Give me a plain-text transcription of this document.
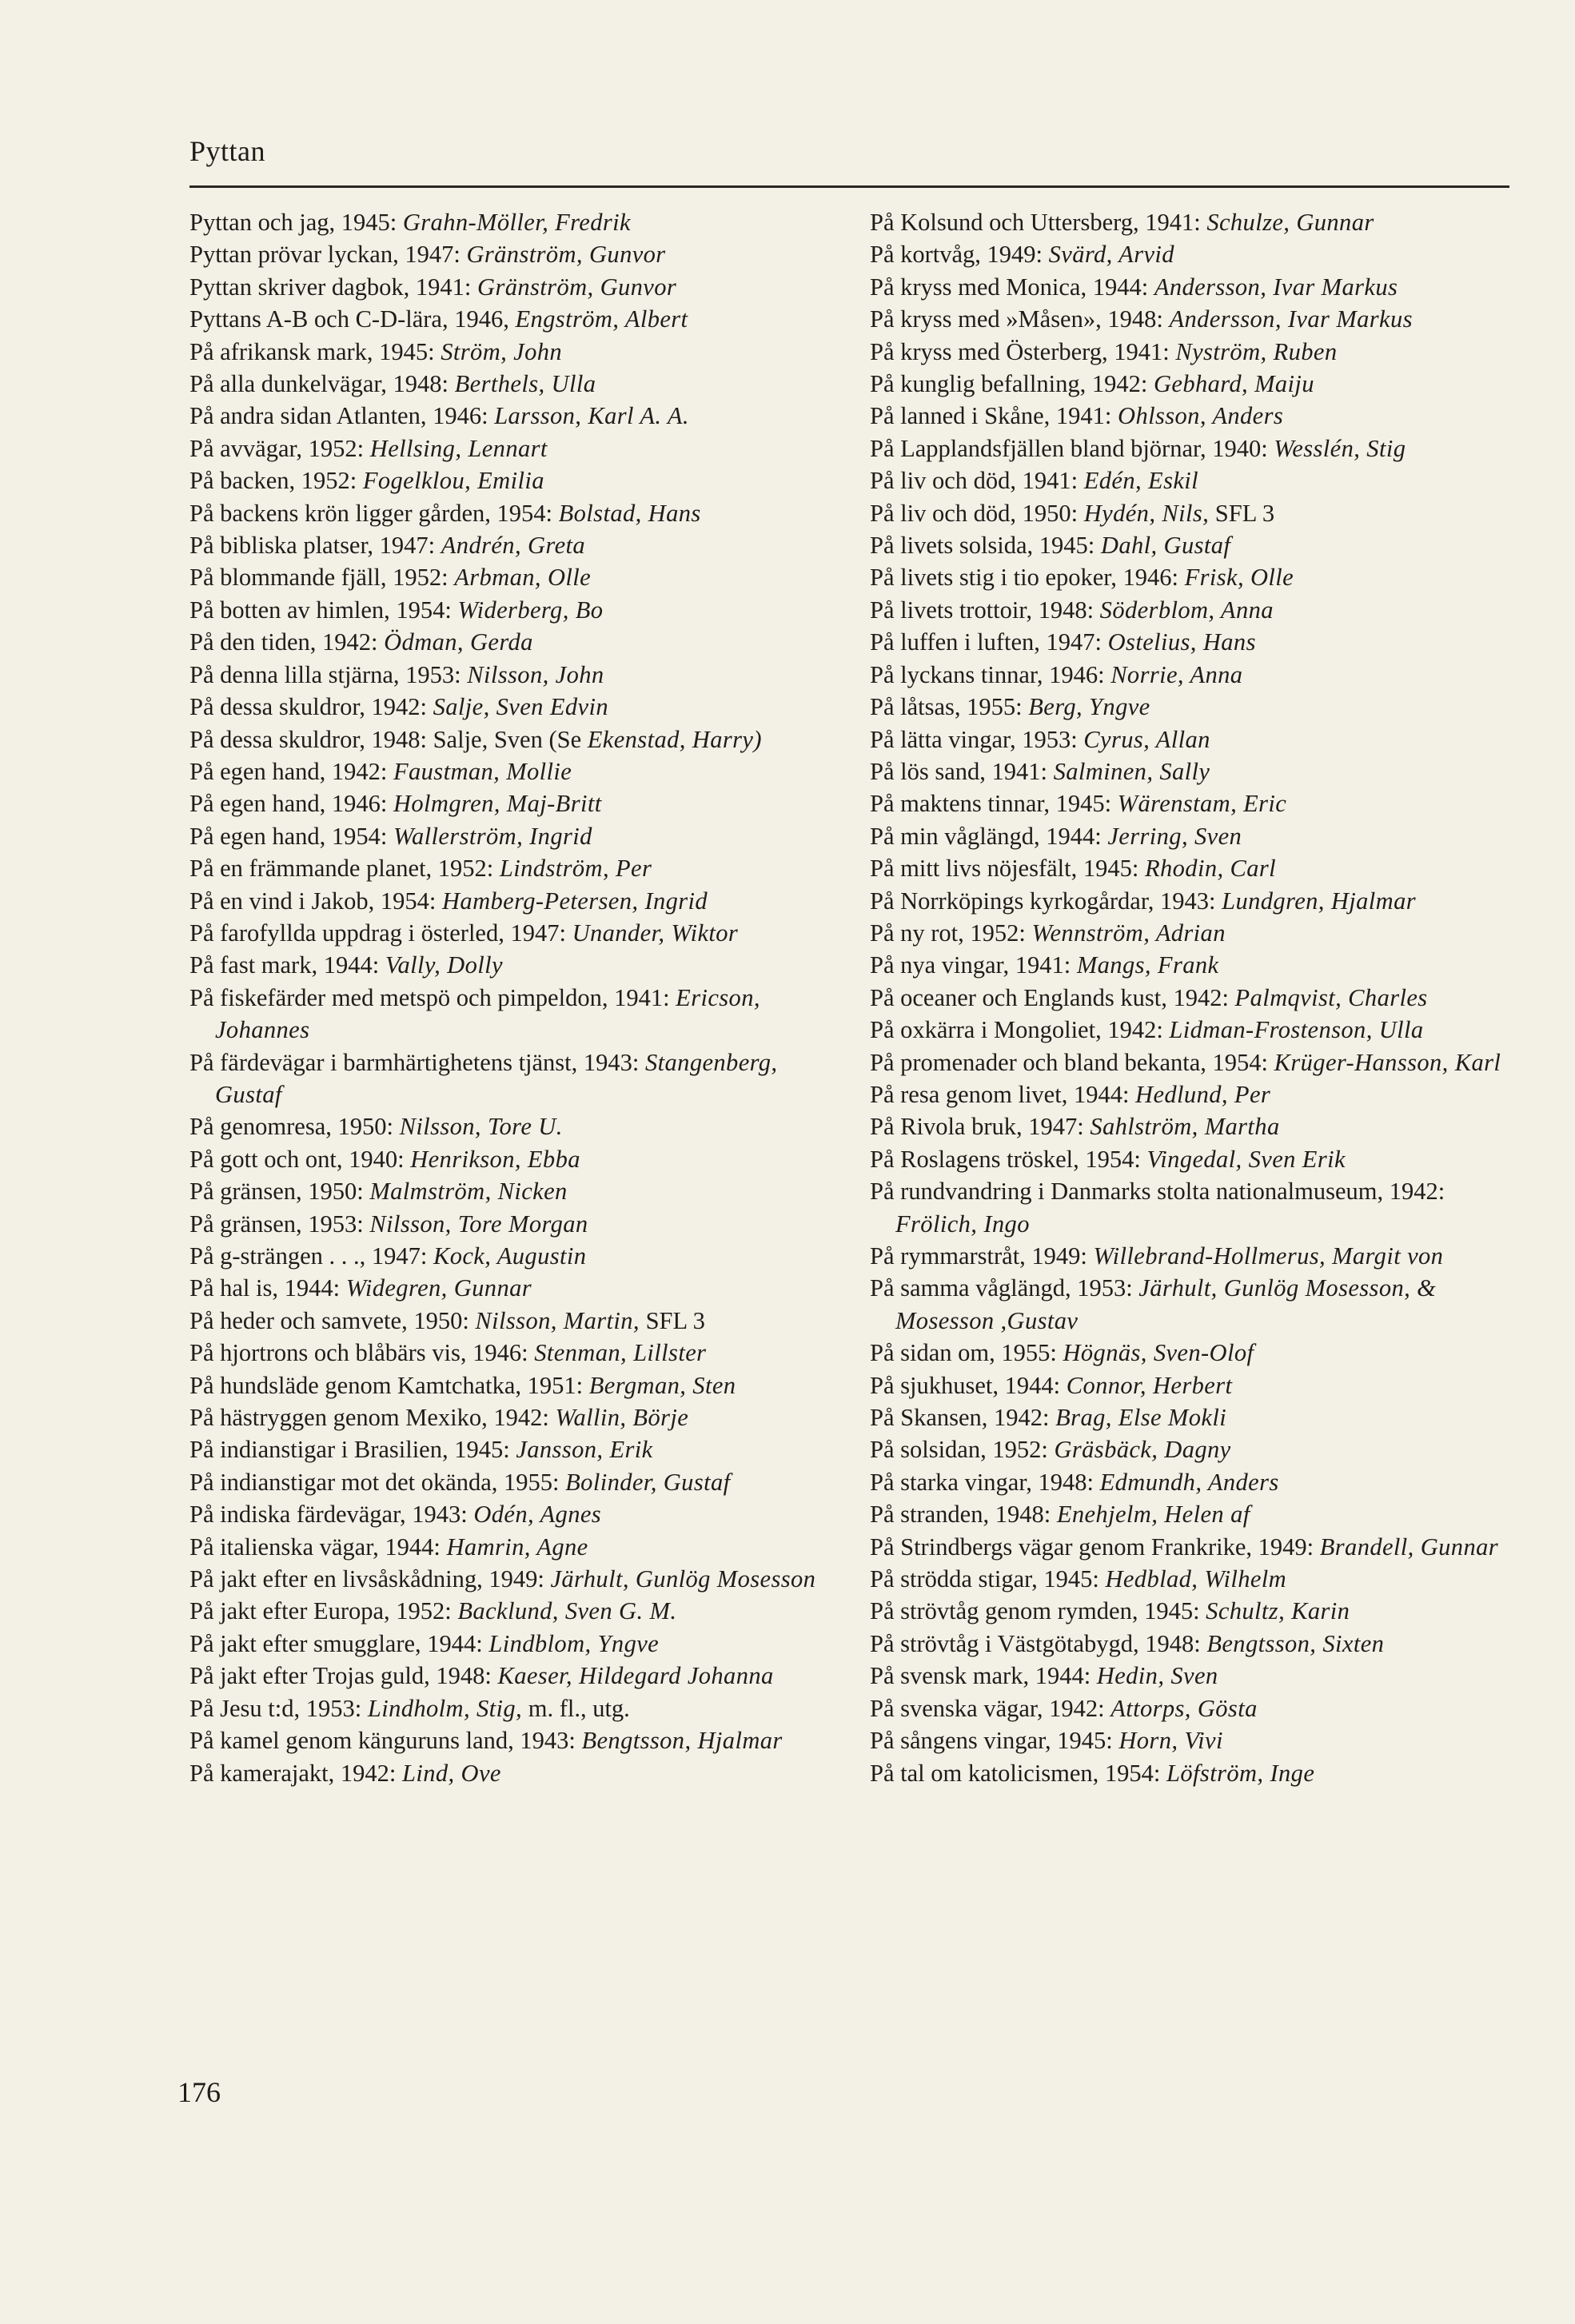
Pyttan
Pyttan och jag, 1945: Grahn-Möller, Fredrik
Pyttan prövar lyckan, 1947: Gränström, Gunvor
Pyttan skriver dagbok, 1941: Gränström, Gunvor
Pyttans A-B och C-D-lära, 1946, Engström, Albert
På afrikansk mark, 1945: Ström, John
På alla dunkelvägar, 1948: Berthels, Ulla
På andra sidan Atlanten, 1946: Larsson, Karl A. A.
På avvägar, 1952: Hellsing, Lennart
På backen, 1952: Fogelklou, Emilia
På backens krön ligger gården, 1954: Bolstad, Hans
På bibliska platser, 1947: Andrén, Greta
På blommande fjäll, 1952: Arbman, Olle
På botten av himlen, 1954: Widerberg, Bo
På den tiden, 1942: Ödman, Gerda
På denna lilla stjärna, 1953: Nilsson, John
På dessa skuldror, 1942: Salje, Sven Edvin
På dessa skuldror, 1948: Salje, Sven (Se Ekenstad, Harry)
På egen hand, 1942: Faustman, Mollie
På egen hand, 1946: Holmgren, Maj-Britt
På egen hand, 1954: Wallerström, Ingrid
På en främmande planet, 1952: Lindström, Per
På en vind i Jakob, 1954: Hamberg-Petersen, Ingrid
På farofyllda uppdrag i österled, 1947: Unander, Wiktor
På fast mark, 1944: Vally, Dolly
På fiskefärder med metspö och pimpeldon, 1941: Ericson, Johannes
På färdevägar i barmhärtighetens tjänst, 1943: Stangenberg, Gustaf
På genomresa, 1950: Nilsson, Tore U.
På gott och ont, 1940: Henrikson, Ebba
På gränsen, 1950: Malmström, Nicken
På gränsen, 1953: Nilsson, Tore Morgan
På g-strängen . . ., 1947: Kock, Augustin
På hal is, 1944: Widegren, Gunnar
På heder och samvete, 1950: Nilsson, Martin, SFL 3
På hjortrons och blåbärs vis, 1946: Stenman, Lillster
På hundsläde genom Kamtchatka, 1951: Bergman, Sten
På hästryggen genom Mexiko, 1942: Wallin, Börje
På indianstigar i Brasilien, 1945: Jansson, Erik
På indianstigar mot det okända, 1955: Bolinder, Gustaf
På indiska färdevägar, 1943: Odén, Agnes
På italienska vägar, 1944: Hamrin, Agne
På jakt efter en livsåskådning, 1949: Järhult, Gunlög Mosesson
På jakt efter Europa, 1952: Backlund, Sven G. M.
På jakt efter smugglare, 1944: Lindblom, Yngve
På jakt efter Trojas guld, 1948: Kaeser, Hildegard Johanna
På Jesu t:d, 1953: Lindholm, Stig, m. fl., utg.
På kamel genom känguruns land, 1943: Bengtsson, Hjalmar
På kamerajakt, 1942: Lind, Ove
På Kolsund och Uttersberg, 1941: Schulze, Gunnar
På kortvåg, 1949: Svärd, Arvid
På kryss med Monica, 1944: Andersson, Ivar Markus
På kryss med »Måsen», 1948: Andersson, Ivar Markus
På kryss med Österberg, 1941: Nyström, Ruben
På kunglig befallning, 1942: Gebhard, Maiju
På lanned i Skåne, 1941: Ohlsson, Anders
På Lapplandsfjällen bland björnar, 1940: Wesslén, Stig
På liv och död, 1941: Edén, Eskil
På liv och död, 1950: Hydén, Nils, SFL 3
På livets solsida, 1945: Dahl, Gustaf
På livets stig i tio epoker, 1946: Frisk, Olle
På livets trottoir, 1948: Söderblom, Anna
På luffen i luften, 1947: Ostelius, Hans
På lyckans tinnar, 1946: Norrie, Anna
På låtsas, 1955: Berg, Yngve
På lätta vingar, 1953: Cyrus, Allan
På lös sand, 1941: Salminen, Sally
På maktens tinnar, 1945: Wärenstam, Eric
På min våglängd, 1944: Jerring, Sven
På mitt livs nöjesfält, 1945: Rhodin, Carl
På Norrköpings kyrkogårdar, 1943: Lundgren, Hjalmar
På ny rot, 1952: Wennström, Adrian
På nya vingar, 1941: Mangs, Frank
På oceaner och Englands kust, 1942: Palmqvist, Charles
På oxkärra i Mongoliet, 1942: Lidman-Frostenson, Ulla
På promenader och bland bekanta, 1954: Krüger-Hansson, Karl
På resa genom livet, 1944: Hedlund, Per
På Rivola bruk, 1947: Sahlström, Martha
På Roslagens tröskel, 1954: Vingedal, Sven Erik
På rundvandring i Danmarks stolta nationalmuseum, 1942: Frölich, Ingo
På rymmarstråt, 1949: Willebrand-Hollmerus, Margit von
På samma våglängd, 1953: Järhult, Gunlög Mosesson, & Mosesson ,Gustav
På sidan om, 1955: Högnäs, Sven-Olof
På sjukhuset, 1944: Connor, Herbert
På Skansen, 1942: Brag, Else Mokli
På solsidan, 1952: Gräsbäck, Dagny
På starka vingar, 1948: Edmundh, Anders
På stranden, 1948: Enehjelm, Helen af
På Strindbergs vägar genom Frankrike, 1949: Brandell, Gunnar
På strödda stigar, 1945: Hedblad, Wilhelm
På strövtåg genom rymden, 1945: Schultz, Karin
På strövtåg i Västgötabygd, 1948: Bengtsson, Sixten
På svensk mark, 1944: Hedin, Sven
På svenska vägar, 1942: Attorps, Gösta
På sångens vingar, 1945: Horn, Vivi
På tal om katolicismen, 1954: Löfström, Inge
176
